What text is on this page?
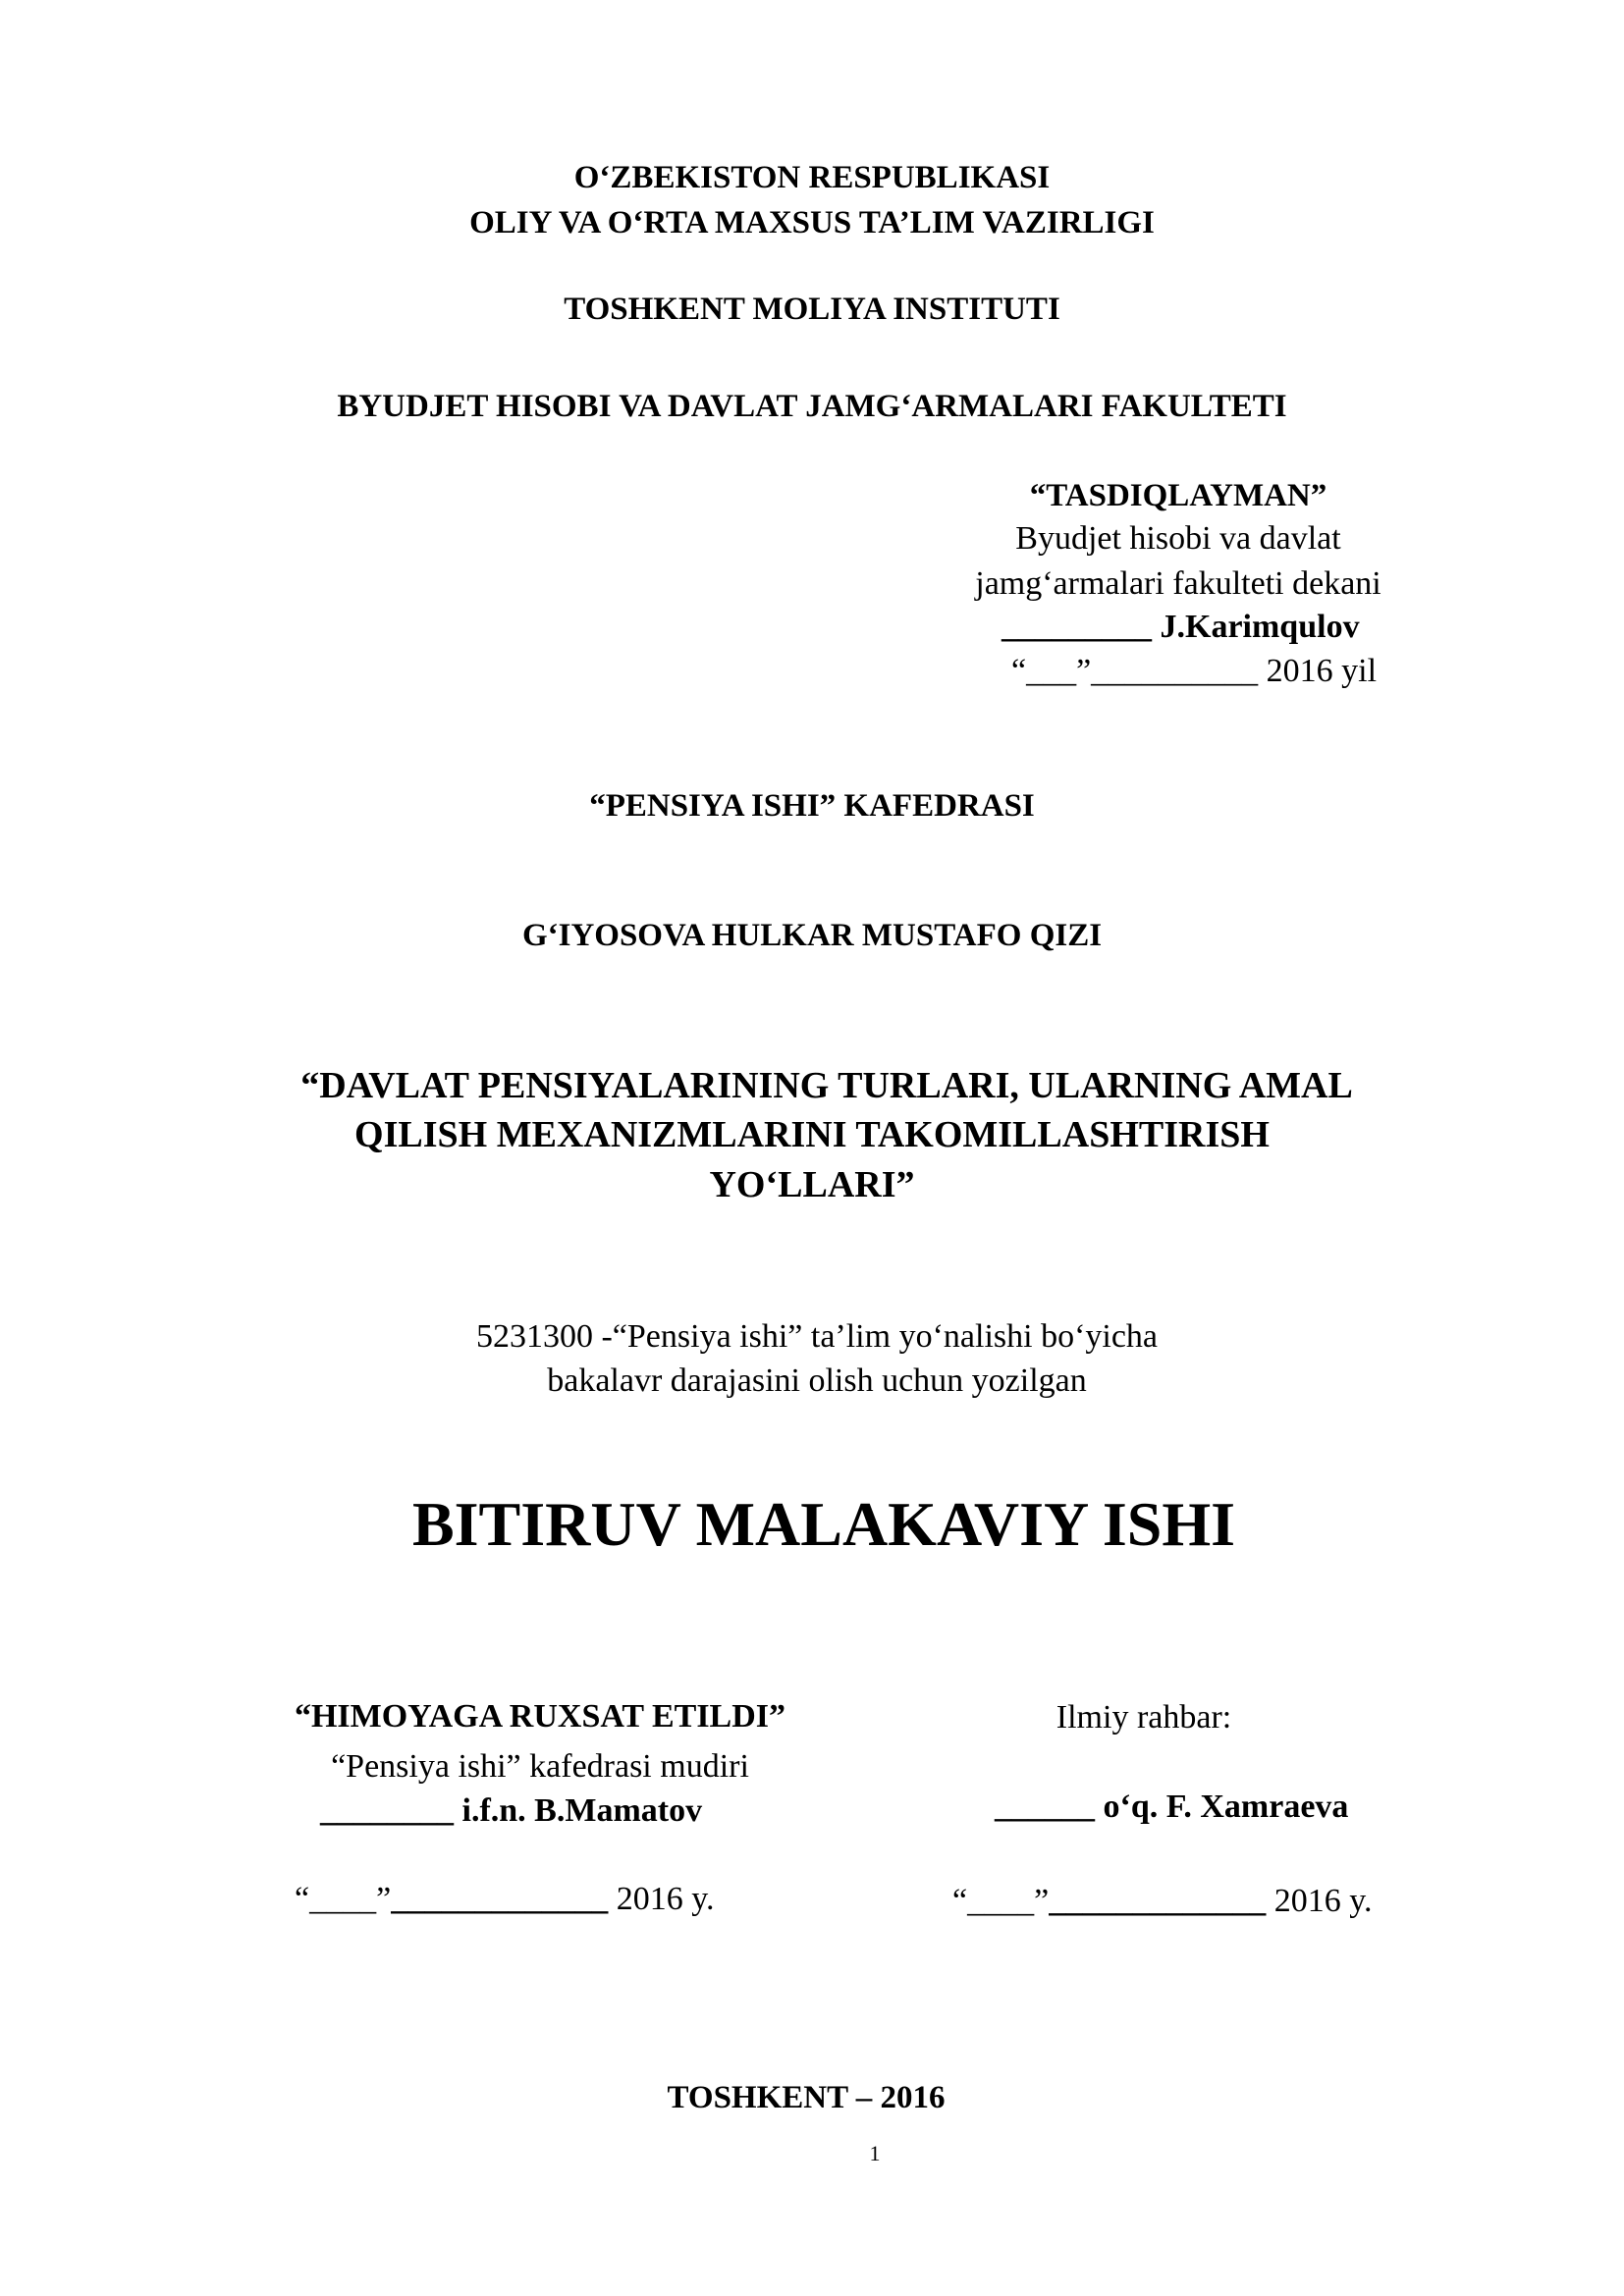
O‘ZBEKISTON RESPUBLIKASI
OLIY VA O‘RTA MAXSUS TA’LIM VAZIRLIGI
TOSHKENT MOLIYA INSTITUTI
BYUDJET HISOBI VA DAVLAT JAMG‘ARMALARI FAKULTETI
“TASDIQLAYMAN”
Byudjet hisobi va davlat
jamg‘armalari fakulteti dekani
_________ J.Karimqulov
“___”__________ 2016 yil
“PENSIYA ISHI” KAFEDRASI
G‘IYOSOVA HULKAR MUSTAFO QIZI
“DAVLAT PENSIYALARINING TURLARI, ULARNING AMAL
QILISH MEXANIZMLARINI TAKOMILLASHTIRISH
YO‘LLARI”
5231300 -“Pensiya ishi” ta’lim yo‘nalishi bo‘yicha
bakalavr darajasini olish uchun yozilgan
BITIRUV MALAKAVIY ISHI
“HIMOYAGA RUXSAT ETILDI”
“Pensiya ishi” kafedrasi mudiri
________ i.f.n. B.Mamatov
“____”_____________ 2016 y.
Ilmiy rahbar:
______ o‘q. F. Xamraeva
“____”_____________ 2016 y.
TOSHKENT – 2016
1
